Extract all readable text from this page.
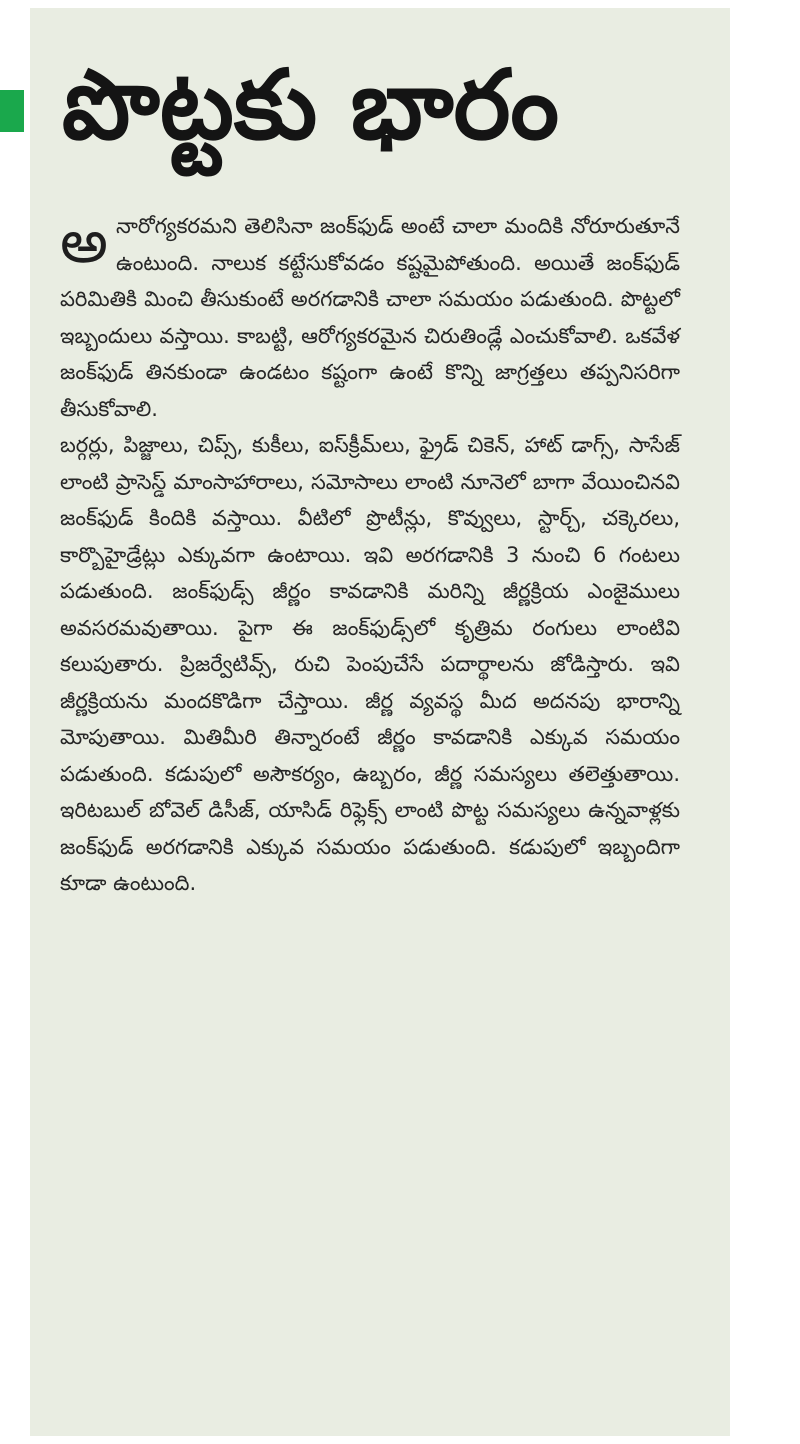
పొట్టకు భారం

అనారోగ్యకరమని తెలిసినా జంక్‌ఫుడ్ అంటే చాలా మందికి నోరూరుతూనే ఉంటుంది. నాలుక కట్టేసుకోవడం కష్టమైపోతుంది. అయితే జంక్‌ఫుడ్ పరిమితికి మించి తీసుకుంటే అరగడానికి చాలా సమయం పడుతుంది. పొట్టలో ఇబ్బందులు వస్తాయి. కాబట్టి, ఆరోగ్యకరమైన చిరుతిండ్లే ఎంచుకోవాలి. ఒకవేళ జంక్‌ఫుడ్ తినకుండా ఉండటం కష్టంగా ఉంటే కొన్ని జాగ్రత్తలు తప్పనిసరిగా తీసుకోవాలి.

బర్గర్లు, పిజ్జాలు, చిప్స్, కుకీలు, ఐస్‌క్రీమ్‌లు, ఫ్రైడ్ చికెన్, హాట్ డాగ్స్, సాసేజ్ లాంటి ప్రాసెస్డ్ మాంసాహారాలు, సమోసాలు లాంటి నూనెలో బాగా వేయించినవి జంక్‌ఫుడ్ కిందికి వస్తాయి. వీటిలో ప్రొటీన్లు, కొవ్వులు, స్టార్చ్, చక్కెరలు, కార్బొహైడ్రేట్లు ఎక్కువగా ఉంటాయి. ఇవి అరగడానికి 3 నుంచి 6 గంటలు పడుతుంది. జంక్‌ఫుడ్స్ జీర్ణం కావడానికి మరిన్ని జీర్ణక్రియ ఎంజైములు అవసరమవుతాయి. పైగా ఈ జంక్‌ఫుడ్స్‌లో కృత్రిమ రంగులు లాంటివి కలుపుతారు. ప్రిజర్వేటివ్స్, రుచి పెంపుచేసే పదార్థాలను జోడిస్తారు. ఇవి జీర్ణక్రియను మందకొడిగా చేస్తాయి. జీర్ణ వ్యవస్థ మీద అదనపు భారాన్ని మోపుతాయి. మితిమీరి తిన్నారంటే జీర్ణం కావడానికి ఎక్కువ సమయం పడుతుంది. కడుపులో అసౌకర్యం, ఉబ్బరం, జీర్ణ సమస్యలు తలెత్తుతాయి. ఇరిటబుల్ బోవెల్ డిసీజ్, యాసిడ్ రిఫ్లెక్స్ లాంటి పొట్ట సమస్యలు ఉన్నవాళ్లకు జంక్‌ఫుడ్ అరగడానికి ఎక్కువ సమయం పడుతుంది. కడుపులో ఇబ్బందిగా కూడా ఉంటుంది.
